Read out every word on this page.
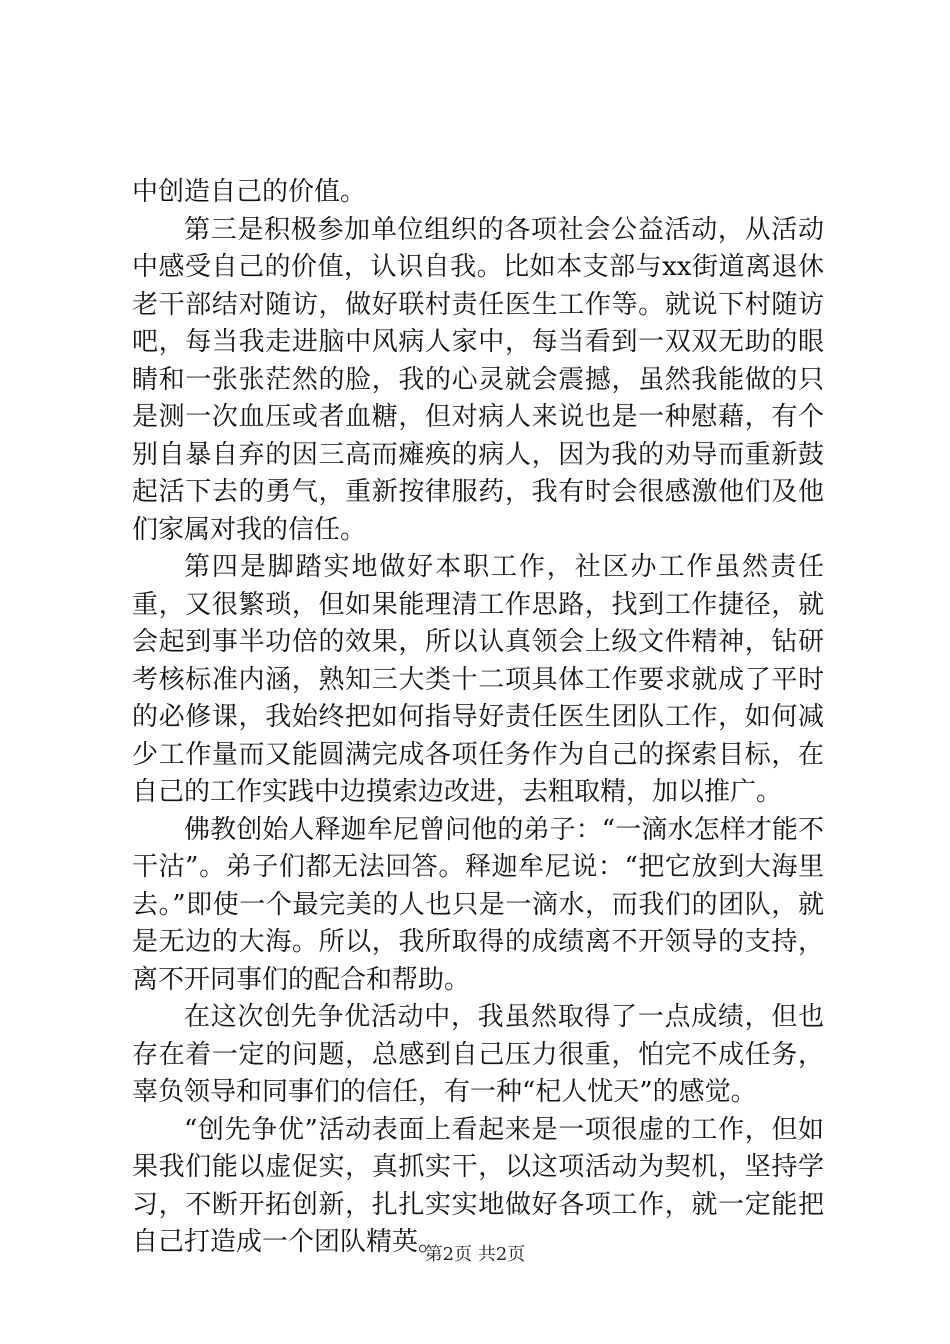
中创造自己的价值。

第三是积极参加单位组织的各项社会公益活动，从活动中感受自己的价值，认识自我。比如本支部与xx街道离退休老干部结对随访，做好联村责任医生工作等。就说下村随访吧，每当我走进脑中风病人家中，每当看到一双双无助的眼睛和一张张茫然的脸，我的心灵就会震撼，虽然我能做的只是测一次血压或者血糖，但对病人来说也是一种慰藉，有个别自暴自弃的因三高而瘫痪的病人，因为我的劝导而重新鼓起活下去的勇气，重新按律服药，我有时会很感激他们及他们家属对我的信任。

第四是脚踏实地做好本职工作，社区办工作虽然责任重，又很繁琐，但如果能理清工作思路，找到工作捷径，就会起到事半功倍的效果，所以认真领会上级文件精神，钻研考核标准内涵，熟知三大类十二项具体工作要求就成了平时的必修课，我始终把如何指导好责任医生团队工作，如何减少工作量而又能圆满完成各项任务作为自己的探索目标，在自己的工作实践中边摸索边改进，去粗取精，加以推广。

佛教创始人释迦牟尼曾问他的弟子：“一滴水怎样才能不干沽”。弟子们都无法回答。释迦牟尼说：“把它放到大海里去。”即使一个最完美的人也只是一滴水，而我们的团队，就是无边的大海。所以，我所取得的成绩离不开领导的支持，离不开同事们的配合和帮助。

在这次创先争优活动中，我虽然取得了一点成绩，但也存在着一定的问题，总感到自己压力很重，怕完不成任务，辜负领导和同事们的信任，有一种“杞人忧天”的感觉。

“创先争优”活动表面上看起来是一项很虚的工作，但如果我们能以虚促实，真抓实干，以这项活动为契机，坚持学习，不断开拓创新，扎扎实实地做好各项工作，就一定能把自己打造成一个团队精英。

第2页 共2页
